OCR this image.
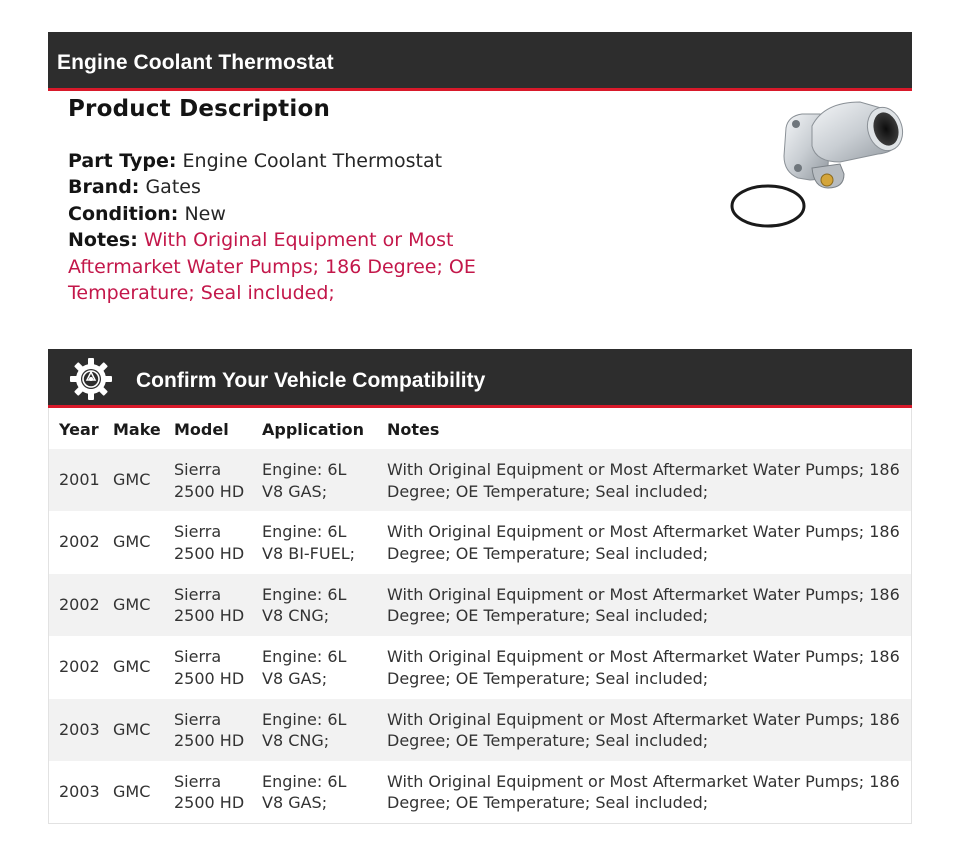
Engine Coolant Thermostat
Product Description
Part Type: Engine Coolant Thermostat
Brand: Gates
Condition: New
Notes: With Original Equipment or Most Aftermarket Water Pumps; 186 Degree; OE Temperature; Seal included;
Confirm Your Vehicle Compatibility
Year Make Model	Application	Notes
2001 GMC
Sierra 2500 HD
Engine: 6L V8 GAS;
With Original Equipment or Most Aftermarket Water Pumps; 186 Degree; OE Temperature; Seal included;
2002 GMC
Sierra 2500 HD
Engine: 6L V8 BI-FUEL;
With Original Equipment or Most Aftermarket Water Pumps; 186 Degree; OE Temperature; Seal included;
2002 GMC
Sierra 2500 HD
Engine: 6L V8 CNG;
With Original Equipment or Most Aftermarket Water Pumps; 186 Degree; OE Temperature; Seal included;
2002 GMC
Sierra 2500 HD
Engine: 6L V8 GAS;
With Original Equipment or Most Aftermarket Water Pumps; 186 Degree; OE Temperature; Seal included;
2003 GMC
Sierra 2500 HD
Engine: 6L V8 CNG;
With Original Equipment or Most Aftermarket Water Pumps; 186 Degree; OE Temperature; Seal included;
2003 GMC
Sierra 2500 HD
Engine: 6L V8 GAS;
With Original Equipment or Most Aftermarket Water Pumps; 186 Degree; OE Temperature; Seal included;
